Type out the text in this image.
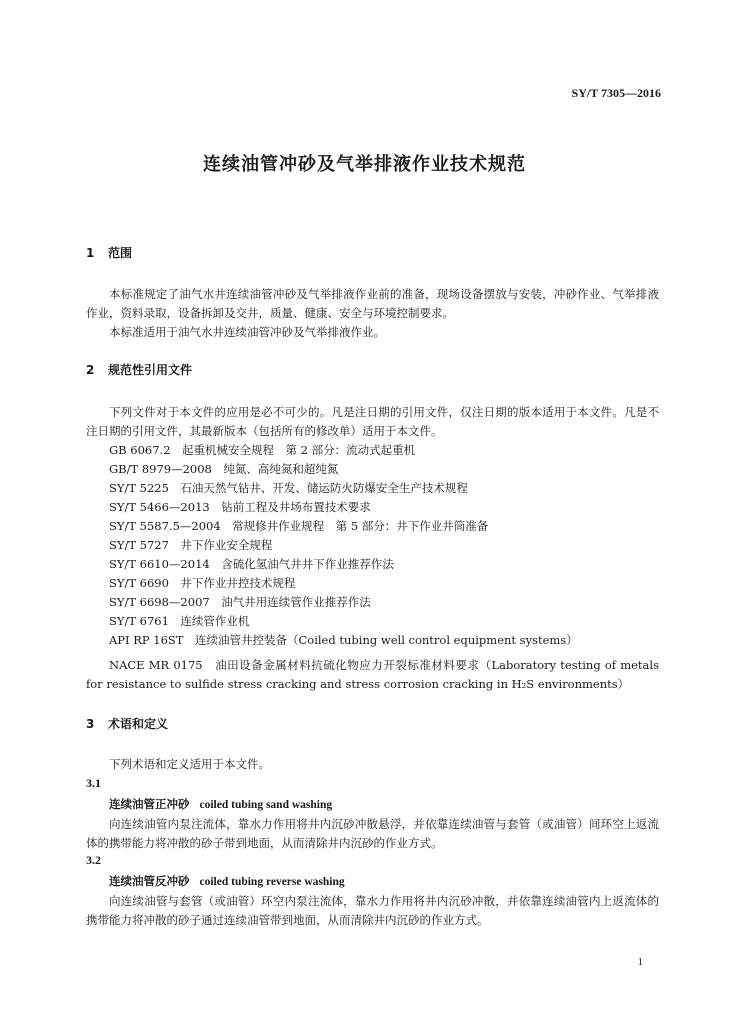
SY/T 7305—2016
连续油管冲砂及气举排液作业技术规范
1 范围
本标准规定了油气水井连续油管冲砂及气举排液作业前的准备，现场设备摆放与安装，冲砂作业、气举排液作业，资料录取，设备拆卸及交井，质量、健康、安全与环境控制要求。
本标准适用于油气水井连续油管冲砂及气举排液作业。
2 规范性引用文件
下列文件对于本文件的应用是必不可少的。凡是注日期的引用文件，仅注日期的版本适用于本文件。凡是不注日期的引用文件，其最新版本（包括所有的修改单）适用于本文件。
GB 6067.2　起重机械安全规程　第 2 部分：流动式起重机
GB/T 8979—2008　纯氮、高纯氮和超纯氮
SY/T 5225　石油天然气钻井、开发、储运防火防爆安全生产技术规程
SY/T 5466—2013　钻前工程及井场布置技术要求
SY/T 5587.5—2004　常规修井作业规程　第 5 部分：井下作业井筒准备
SY/T 5727　井下作业安全规程
SY/T 6610—2014　含硫化氢油气井井下作业推荐作法
SY/T 6690　井下作业井控技术规程
SY/T 6698—2007　油气井用连续管作业推荐作法
SY/T 6761　连续管作业机
API RP 16ST　连续油管井控装备（Coiled tubing well control equipment systems）
NACE MR 0175　油田设备金属材料抗硫化物应力开裂标准材料要求（Laboratory testing of metals for resistance to sulfide stress cracking and stress corrosion cracking in H₂S environments）
3 术语和定义
下列术语和定义适用于本文件。
3.1
连续油管正冲砂 coiled tubing sand washing
向连续油管内泵注流体，靠水力作用将井内沉砂冲散悬浮，并依靠连续油管与套管（或油管）间环空上返流体的携带能力将冲散的砂子带到地面，从而清除井内沉砂的作业方式。
3.2
连续油管反冲砂 coiled tubing reverse washing
向连续油管与套管（或油管）环空内泵注流体，靠水力作用将井内沉砂冲散，并依靠连续油管内上返流体的携带能力将冲散的砂子通过连续油管带到地面，从而清除井内沉砂的作业方式。
1
